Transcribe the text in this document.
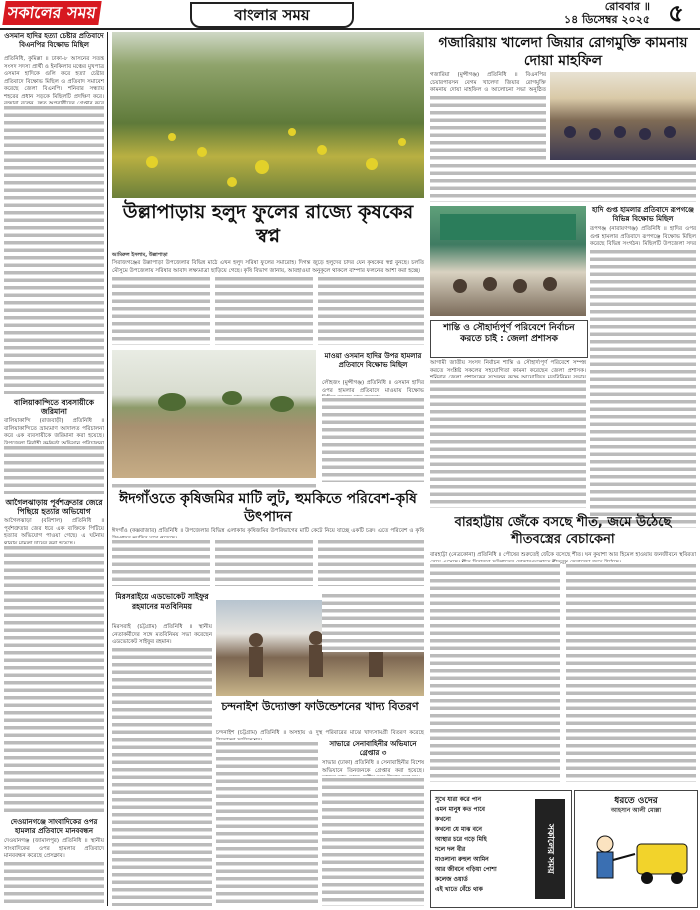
সকালের সময়	বাংলার সময়	রোববার ॥
১৪ ডিসেম্বর ২০২৫ ৫
ওসমান হাদির হত্যা চেষ্টার প্রতিবাদে বিএনপির বিক্ষোভ মিছিল
প্রতিনিধি, কুমিল্লা ॥ ঢাকা-৮ আসনের সতন্ত্র সংসদ সদস্য প্রার্থী ও ইনকিলাব মঞ্চের মুখপাত্র ওসমান হাদিকে গুলি করে হত্যা চেষ্টার প্রতিবাদে বিক্ষোভ মিছিল ও প্রতিবাদ সমাবেশ করেছে জেলা বিএনপি। শনিবার সন্ধ্যায় শহরের প্রধান সড়কে মিছিলটি প্রদক্ষিণ করে।
বালিয়াকান্দিতে ব্যবসায়ীকে জরিমানা
বালিয়াকান্দি (রাজবাড়ী) প্রতিনিধি ॥ বালিয়াকান্দিতে ভ্রাম্যমাণ আদালত পরিচালনা করে এক ব্যবসায়ীকে জরিমানা করা হয়েছে।
আগৈলঝাড়ায় পূর্বশত্রুতার জেরে পিছিয়ে হত্যার অভিযোগ
আগৈলঝাড়া (বরিশাল) প্রতিনিধি ॥ পূর্বশত্রুতার জের ধরে এক ব্যক্তিকে পিটিয়ে হত্যার অভিযোগ পাওয়া গেছে। এ ঘটনায়
দেওয়ানগঞ্জে সাংবাদিকের ওপর হামলার প্রতিবাদে মানববন্ধন
দেওয়ানগঞ্জ (জামালপুর) প্রতিনিধি ॥ স্থানীয় সাংবাদিকের ওপর হামলার প্রতিবাদে মানববন্ধন করেছে প্রেসক্লাব।
উল্লাপাড়ায় হলুদ ফুলের রাজ্যে কৃষকের স্বপ্ন
আমিরুল ইসলাম, উল্লাপাড়া
সিরাজগঞ্জের উল্লাপাড়া উপজেলার বিভিন্ন মাঠে এখন হলুদ সরিষা ফুলের সমারোহ। দিগন্ত জুড়ে হলুদের চাদর যেন কৃষকের স্বপ্ন বুনছে। চলতি মৌসুমে উপজেলায় সরিষার আবাদ লক্ষ্যমাত্রা ছাড়িয়ে গেছে। কৃষি বিভাগ জানায়, আবহাওয়া অনুকূলে থাকলে বাম্পার ফলনের আশা করা হচ্ছে।
ঈদগাঁওতে কৃষিজমির মাটি লুট, হুমকিতে পরিবেশ-কৃষি উৎপাদন
ঈদগাঁও (কক্সবাজার) প্রতিনিধি ॥ উপজেলার বিভিন্ন এলাকায় কৃষিজমির উপরিভাগের মাটি কেটে নিয়ে যাচ্ছে একটি চক্র। এতে পরিবেশ ও কৃষি
মিরসরাইয়ে এডভোকেট সাইফুর রহমানের মতবিনিময়
মিরসরাই (চট্টগ্রাম) প্রতিনিধি ॥ স্থানীয় নেতাকর্মীদের সঙ্গে মতবিনিময় সভা করেছেন এডভোকেট সাইফুর রহমান।
চন্দনাইশ উদ্যোক্তা ফাউন্ডেশনের খাদ্য বিতরণ
চন্দনাইশ (চট্টগ্রাম) প্রতিনিধি ॥ অসহায় ও দুস্থ পরিবারের মাঝে খাদ্যসামগ্রী বিতরণ করেছে
গজারিয়ায় খালেদা জিয়ার রোগমুক্তি কামনায় দোয়া মাহফিল
গজারিয়া (মুন্সীগঞ্জ) প্রতিনিধি ॥ বিএনপির চেয়ারপারসন বেগম খালেদা জিয়ার রোগমুক্তি কামনায় দোয়া মাহফিল ও আলোচনা সভা অনুষ্ঠিত
হাদি গুপ্ত হামলার প্রতিবাদে রূপগঞ্জে বিভিন্ন বিক্ষোভ মিছিল
রূপগঞ্জ (নারায়ণগঞ্জ) প্রতিনিধি ॥ হাদির ওপর গুপ্ত হামলার প্রতিবাদে রূপগঞ্জে বিক্ষোভ মিছিল করেছে বিভিন্ন সংগঠন। মিছিলটি উপজেলা সদর
শান্তি ও সৌহার্দ্যপূর্ণ পরিবেশে নির্বাচন করতে চাই : জেলা প্রশাসক
আগামী জাতীয় সংসদ নির্বাচন শান্তি ও সৌহার্দ্যপূর্ণ পরিবেশে সম্পন্ন করতে সংশ্লিষ্ট সকলের সহযোগিতা কামনা করেছেন জেলা প্রশাসক।
বারহাট্টায় জেঁকে বসছে শীত, জমে উঠেছে শীতবস্ত্রের বেচাকেনা
বারহাট্টা (নেত্রকোনা) প্রতিনিধি ॥ পৌষের শুরুতেই জেঁকে বসেছে শীত। ঘন কুয়াশা আর হিমেল হাওয়ায় জনজীবনে স্থবিরতা শীতবস্ত্র
মাওয়া ওসমান হাদির উপর হামলার প্রতিবাদে বিক্ষোভ মিছিল
লৌহজং (মুন্সীগঞ্জ) প্রতিনিধি ॥ ওসমান হাদির ওপর হামলার প্রতিবাদে মাওয়ায় বিক্ষোভ
সাভারে সেনাবাহিনীর অভিযানে গ্রেপ্তার ৩
সাভার (ঢাকা) প্রতিনিধি ॥ সেনাবাহিনীর বিশেষ অভিযানে তিনজনকে গ্রেপ্তার করা হয়েছে।
সুখে যারা করে পান
এমন মানুষ কত পাবে
কখনো
কখনো যে মাঝ বনে
আস্থার চরে গড়ে মিহি
দলে দল বীর
মাওলানা রুহুল আমিন
আর জীবনে গড়িয়া পোশা
কলেজ ওয়ার্ড
এই খাতে বেঁচে থাক
সকালের সময়
ধরতে ওদের
আহসান আলী মোল্লা
